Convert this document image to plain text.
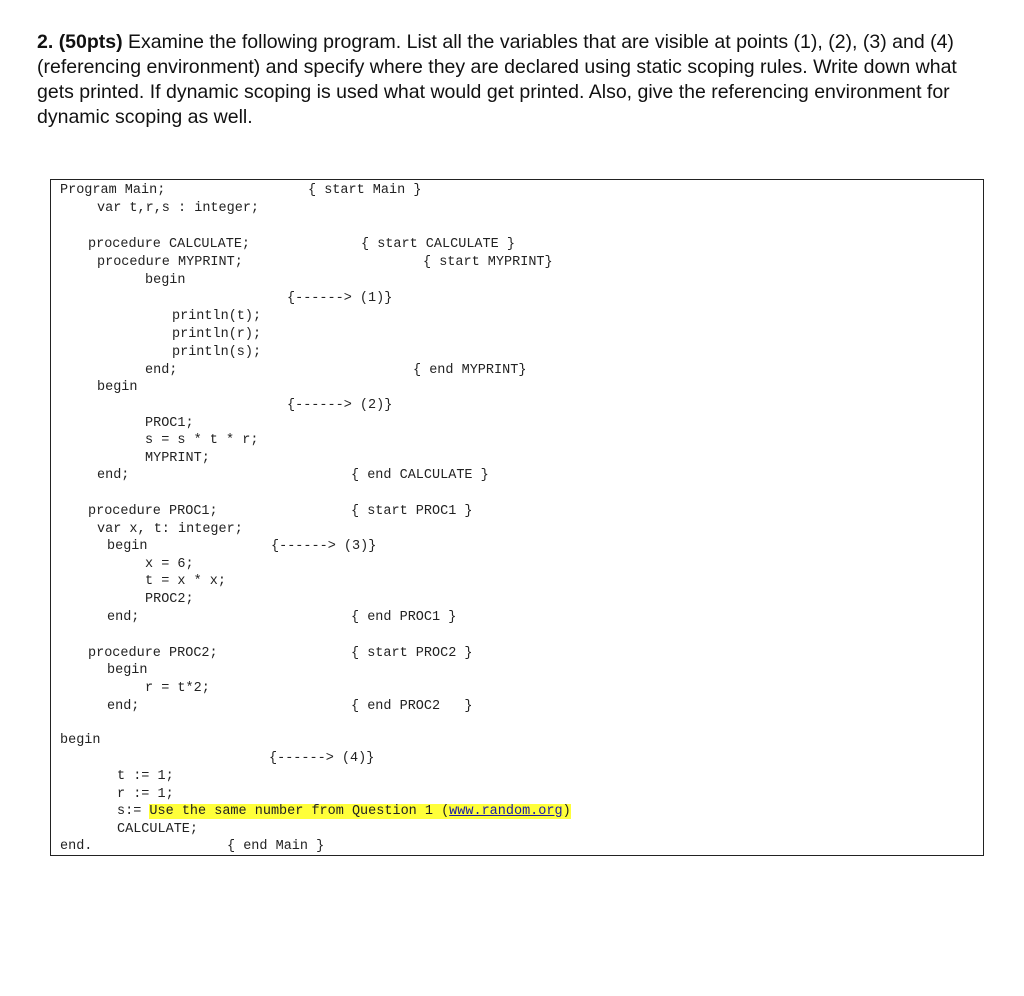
2. (50pts) Examine the following program. List all the variables that are visible at points (1), (2), (3) and (4) (referencing environment) and specify where they are declared using static scoping rules. Write down what gets printed. If dynamic scoping is used what would get printed. Also, give the referencing environment for dynamic scoping as well.
Program Main;	{ start Main }
var t,r,s : integer;
procedure CALCULATE;	{ start CALCULATE }
procedure MYPRINT;	{ start MYPRINT}
begin
{------> (1)}
println(t);
println(r);
println(s);
end;	{ end MYPRINT}
begin
{------> (2)}
PROC1;
s = s * t * r;
MYPRINT;
end;	{ end CALCULATE }
procedure PROC1;	{ start PROC1 }
var x, t: integer;
begin	{------> (3)}
x = 6;
t = x * x;
PROC2;
end;	{ end PROC1 }
procedure PROC2;	{ start PROC2 }
begin
r = t*2;
end;	{ end PROC2   }
begin
{------> (4)}
t := 1;
r := 1;
s:= Use the same number from Question 1 (www.random.org)
CALCULATE;
end.	{ end Main }
